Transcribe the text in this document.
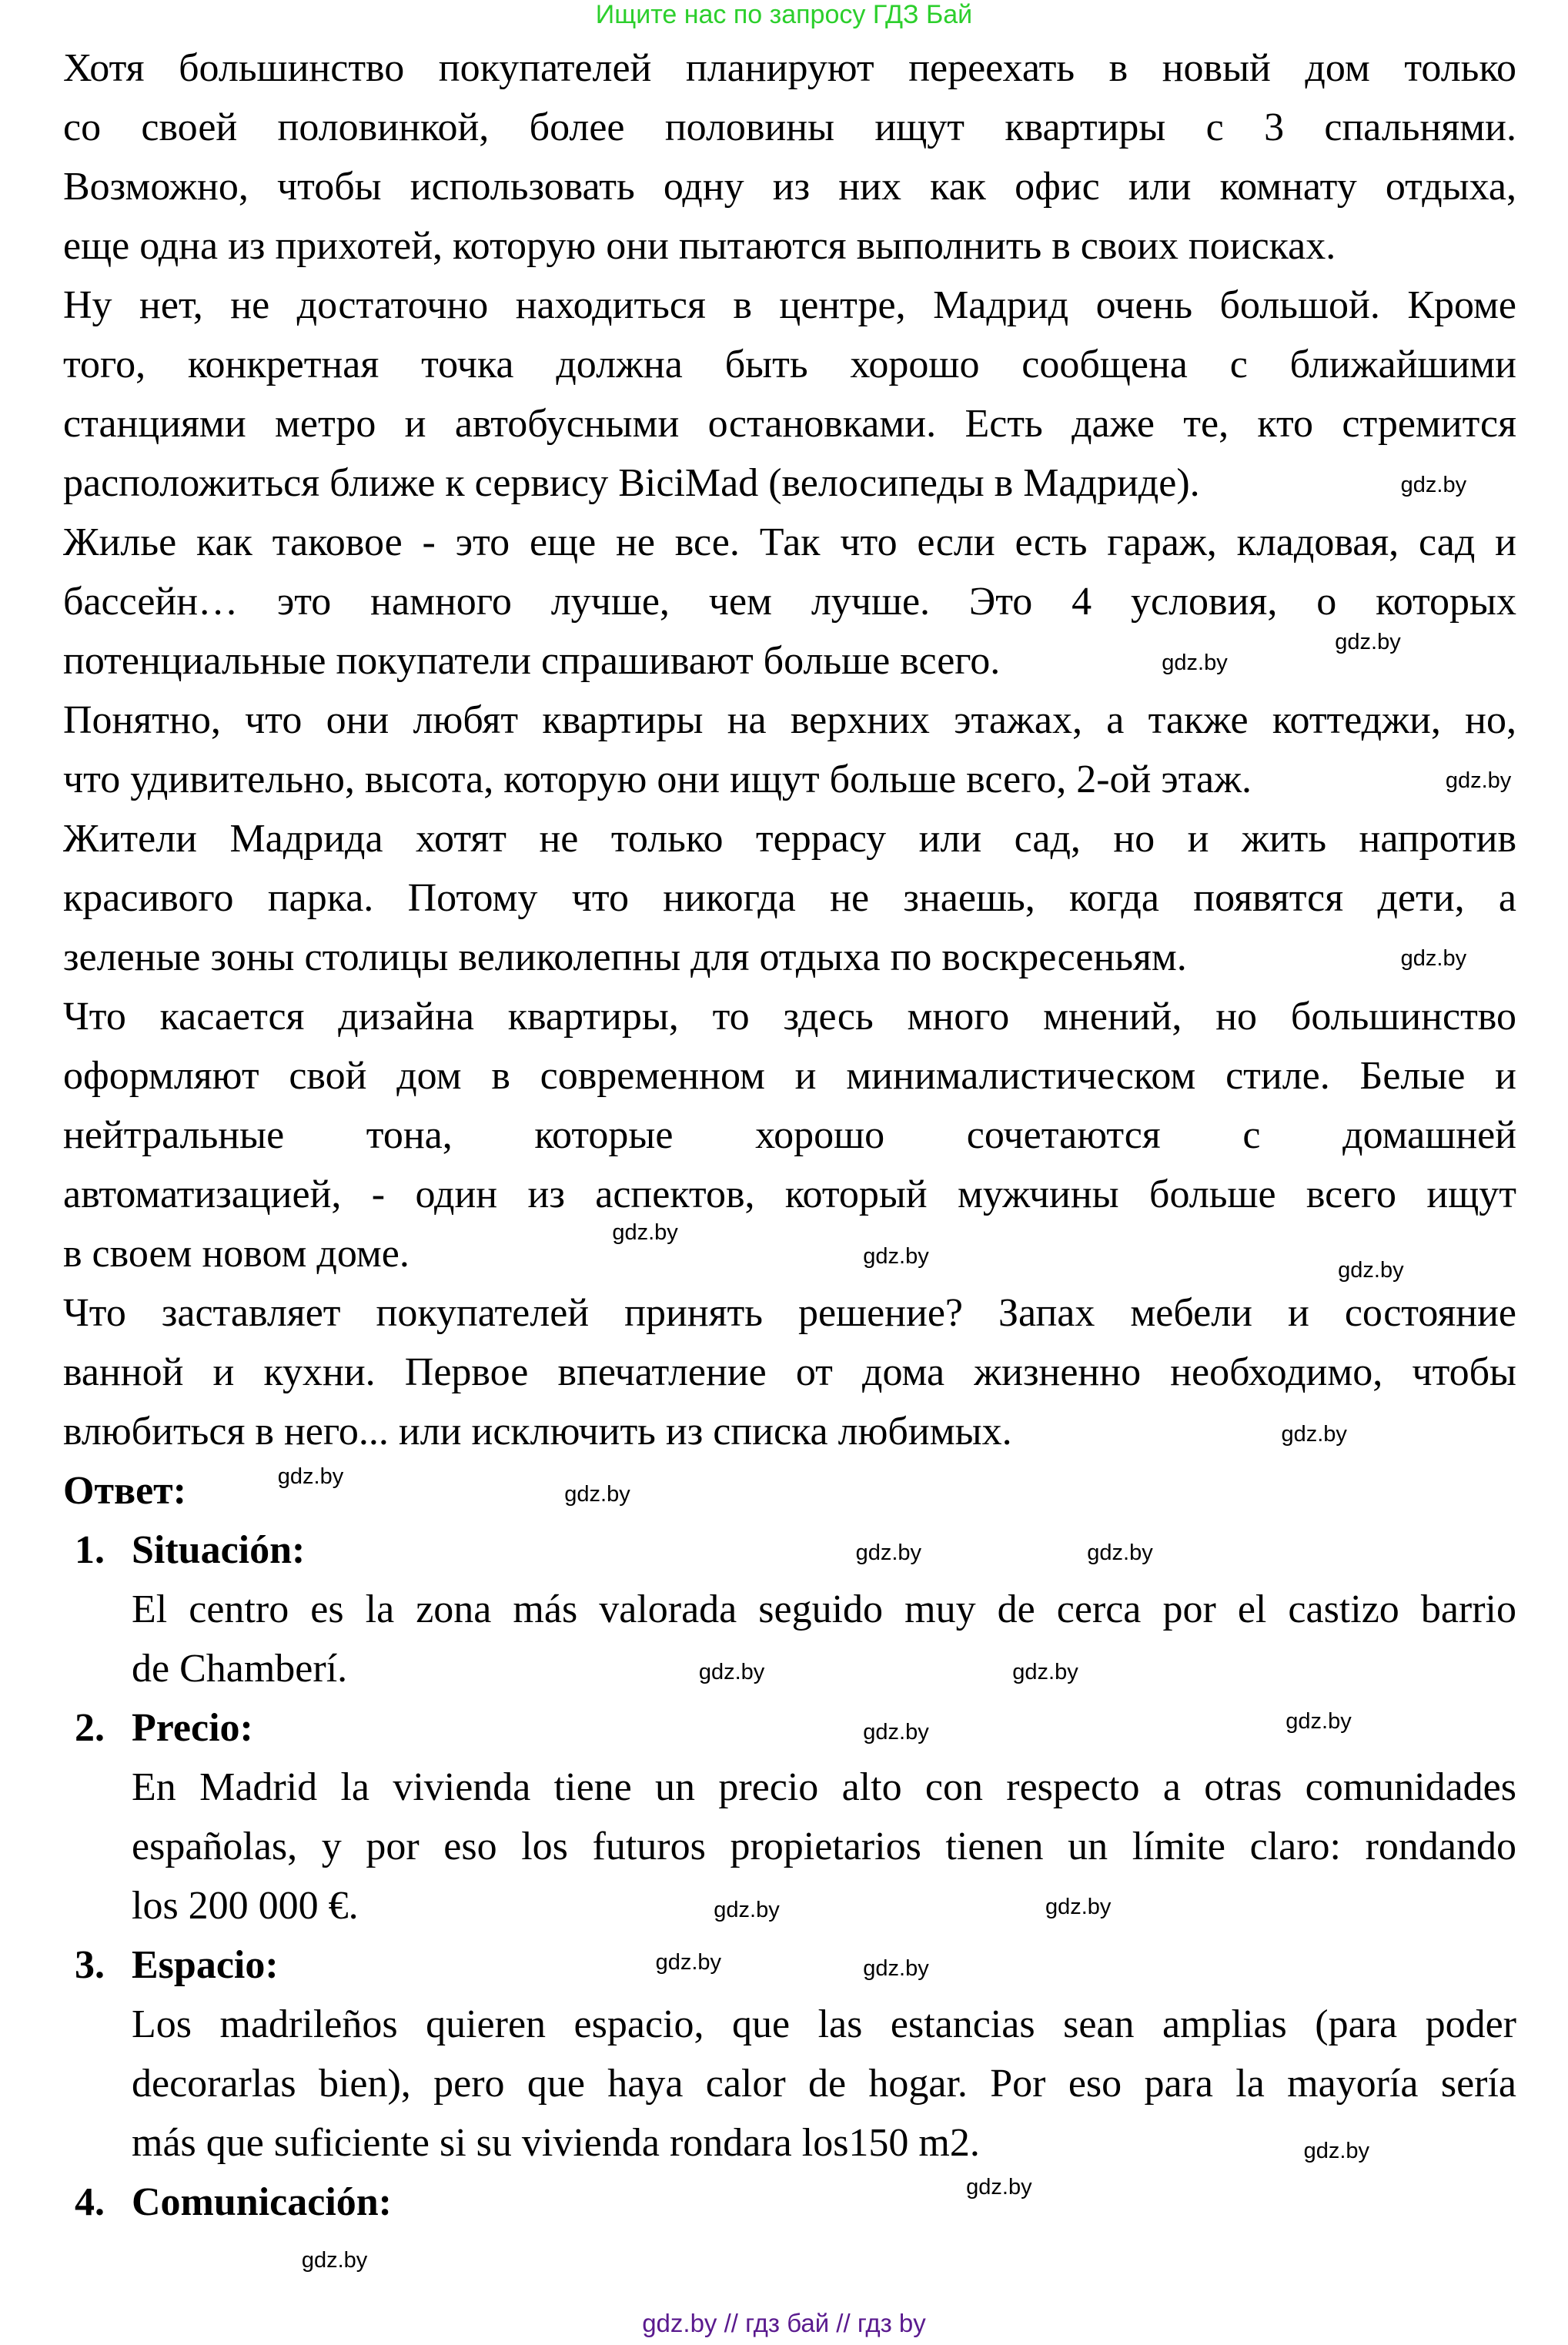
Ищите нас по запросу ГДЗ Бай
Хотя большинство покупателей планируют переехать в новый дом только
со своей половинкой, более половины ищут квартиры с 3 спальнями.
Возможно, чтобы использовать одну из них как офис или комнату отдыха,
еще одна из прихотей, которую они пытаются выполнить в своих поисках.
Ну нет, не достаточно находиться в центре, Мадрид очень большой. Кроме
того, конкретная точка должна быть хорошо сообщена с ближайшими
станциями метро и автобусными остановками. Есть даже те, кто стремится
расположиться ближе к сервису BiciMad (велосипеды в Мадриде).
Жилье как таковое - это еще не все. Так что если есть гараж, кладовая, сад и
бассейн… это намного лучше, чем лучше. Это 4 условия, о которых
потенциальные покупатели спрашивают больше всего.
Понятно, что они любят квартиры на верхних этажах, а также коттеджи, но,
что удивительно, высота, которую они ищут больше всего, 2-ой этаж.
Жители Мадрида хотят не только террасу или сад, но и жить напротив
красивого парка. Потому что никогда не знаешь, когда появятся дети, а
зеленые зоны столицы великолепны для отдыха по воскресеньям.
Что касается дизайна квартиры, то здесь много мнений, но большинство
оформляют свой дом в современном и минималистическом стиле. Белые и
нейтральные тона, которые хорошо сочетаются с домашней
автоматизацией, - один из аспектов, который мужчины больше всего ищут
в своем новом доме.
Что заставляет покупателей принять решение? Запах мебели и состояние
ванной и кухни. Первое впечатление от дома жизненно необходимо, чтобы
влюбиться в него... или исключить из списка любимых.
Ответ:
1. Situación:
El centro es la zona más valorada seguido muy de cerca por el castizo barrio
de Chamberí.
2. Precio:
En Madrid la vivienda tiene un precio alto con respecto a otras comunidades
españolas, y por eso los futuros propietarios tienen un límite claro: rondando
los 200 000 €.
3. Espacio:
Los madrileños quieren espacio, que las estancias sean amplias (para poder
decorarlas bien), pero que haya calor de hogar. Por eso para la mayoría sería
más que suficiente si su vivienda rondara los150 m2.
4. Comunicación:
gdz.by
gdz.by
gdz.by
gdz.by
gdz.by
gdz.by
gdz.by
gdz.by
gdz.by
gdz.by
gdz.by
gdz.by
gdz.by
gdz.by
gdz.by
gdz.by
gdz.by
gdz.by
gdz.by
gdz.by
gdz.by
gdz.by
gdz.by
gdz.by
gdz.by // гдз бай // гдз by
